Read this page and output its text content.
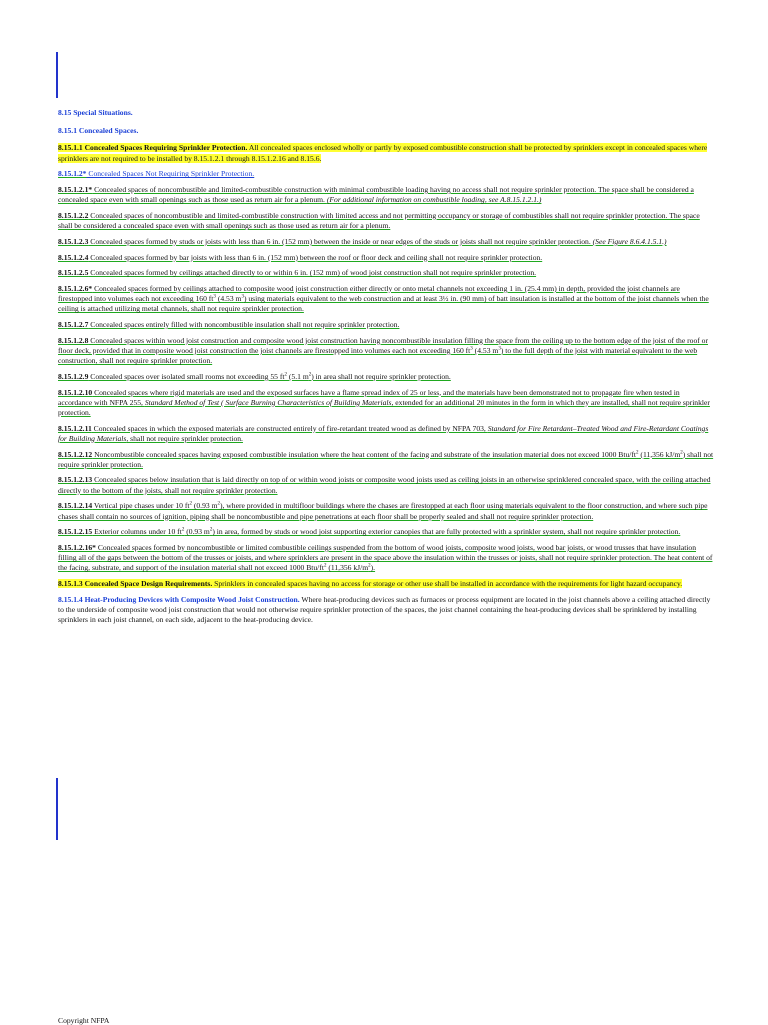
8.15 Special Situations.

8.15.1 Concealed Spaces.

8.15.1.1 Concealed Spaces Requiring Sprinkler Protection. All concealed spaces enclosed wholly or partly by exposed combustible construction shall be protected by sprinklers except in concealed spaces where sprinklers are not required to be installed by 8.15.1.2.1 through 8.15.1.2.16 and 8.15.6.

8.15.1.2* Concealed Spaces Not Requiring Sprinkler Protection.

8.15.1.2.1* Concealed spaces of noncombustible and limited-combustible construction with minimal combustible loading having no access shall not require sprinkler protection. The space shall be considered a concealed space even with small openings such as those used as return air for a plenum. (For additional information on combustible loading, see A.8.15.1.2.1.)

8.15.1.2.2 Concealed spaces of noncombustible and limited-combustible construction with limited access and not permitting occupancy or storage of combustibles shall not require sprinkler protection. The space shall be considered a concealed space even with small openings such as those used as return air for a plenum.

8.15.1.2.3 Concealed spaces formed by studs or joists with less than 6 in. (152 mm) between the inside or near edges of the studs or joists shall not require sprinkler protection. (See Figure 8.6.4.1.5.1.)

8.15.1.2.4 Concealed spaces formed by bar joists with less than 6 in. (152 mm) between the roof or floor deck and ceiling shall not require sprinkler protection.

8.15.1.2.5 Concealed spaces formed by ceilings attached directly to or within 6 in. (152 mm) of wood joist construction shall not require sprinkler protection.

8.15.1.2.6* Concealed spaces formed by ceilings attached to composite wood joist construction either directly or onto metal channels not exceeding 1 in. (25.4 mm) in depth, provided the joist channels are firestopped into volumes each not exceeding 160 $ft^3$ (4.53 $m^3$) using materials equivalent to the web construction and at least 3½ in. (90 mm) of batt insulation is installed at the bottom of the joist channels when the ceiling is attached utilizing metal channels, shall not require sprinkler protection.

8.15.1.2.7 Concealed spaces entirely filled with noncombustible insulation shall not require sprinkler protection.

8.15.1.2.8 Concealed spaces within wood joist construction and composite wood joist construction having noncombustible insulation filling the space from the ceiling up to the bottom edge of the joist of the roof or floor deck, provided that in composite wood joist construction the joist channels are firestopped into volumes each not exceeding 160 $ft^3$ (4.53 $m^3$) to the full depth of the joist with material equivalent to the web construction, shall not require sprinkler protection.

8.15.1.2.9 Concealed spaces over isolated small rooms not exceeding 55 $ft^2$ (5.1 $m^2$) in area shall not require sprinkler protection.

8.15.1.2.10 Concealed spaces where rigid materials are used and the exposed surfaces have a flame spread index of 25 or less, and the materials have been demonstrated not to propagate fire when tested in accordance with NFPA 255, Standard Method of Test ( Surface Burning Characteristics of Building Materials, extended for an additional 20 minutes in the form in which they are installed, shall not require sprinkler protection.

8.15.1.2.11 Concealed spaces in which the exposed materials are constructed entirely of fire-retardant treated wood as defined by NFPA 703, Standard for Fire Retardant–Treated Wood and Fire-Retardant Coatings for Building Materials, shall not require sprinkler protection.

8.15.1.2.12 Noncombustible concealed spaces having exposed combustible insulation where the heat content of the facing and substrate of the insulation material does not exceed 1000 Btu/$ft^2$ (11,356 $kJ/m^2$) shall not require sprinkler protection.

8.15.1.2.13 Concealed spaces below insulation that is laid directly on top of or within wood joists or composite wood joists used as ceiling joists in an otherwise sprinklered concealed space, with the ceiling attached directly to the bottom of the joists, shall not require sprinkler protection.

8.15.1.2.14 Vertical pipe chases under 10 $ft^2$ (0.93 $m^2$), where provided in multifloor buildings where the chases are firestopped at each floor using materials equivalent to the floor construction, and where such pipe chases shall contain no sources of ignition, piping shall be noncombustible and pipe penetrations at each floor shall be properly sealed and shall not require sprinkler protection.

8.15.1.2.15 Exterior columns under 10 $ft^2$ (0.93 $m^2$) in area, formed by studs or wood joist supporting exterior canopies that are fully protected with a sprinkler system, shall not require sprinkler protection.

8.15.1.2.16* Concealed spaces formed by noncombustible or limited combustible ceilings suspended from the bottom of wood joists, composite wood joists, wood bar joists, or wood trusses that have insulation filling all of the gaps between the bottom of the trusses or joists, and where sprinklers are present in the space above the insulation within the trusses or joists, shall not require sprinkler protection. The heat content of the facing, substrate, and support of the insulation material shall not exceed 1000 Btu/$ft^2$ (11,356 $kJ/m^2$).

8.15.1.3 Concealed Space Design Requirements. Sprinklers in concealed spaces having no access for storage or other use shall be installed in accordance with the requirements for light hazard occupancy.

8.15.1.4 Heat-Producing Devices with Composite Wood Joist Construction. Where heat-producing devices such as furnaces or process equipment are located in the joist channels above a ceiling attached directly to the underside of composite wood joist construction that would not otherwise require sprinkler protection of the spaces, the joist channel containing the heat-producing devices shall be sprinklered by installing sprinklers in each joist channel, on each side, adjacent to the heat-producing device.

Copyright NFPA
